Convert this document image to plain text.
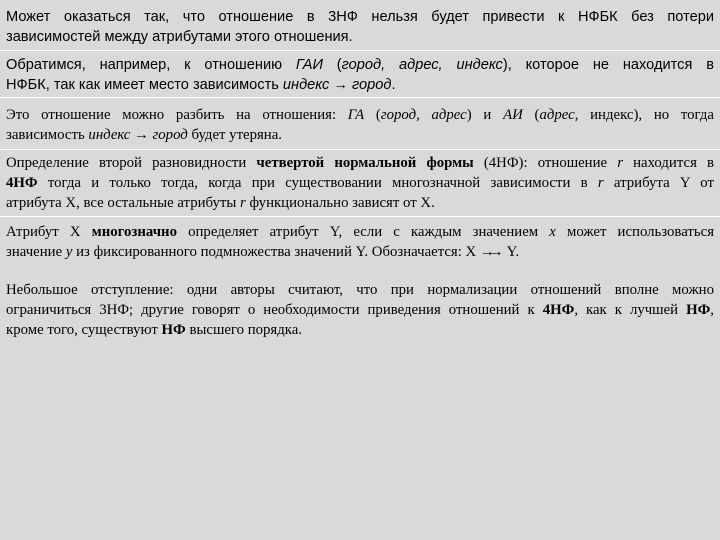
Может оказаться так, что отношение в 3НФ нельзя будет привести к НФБК без потери
зависимостей между атрибутами этого отношения.
Обратимся, например, к отношению ГАИ (город, адрес, индекс), которое не находится в
НФБК, так как имеет место зависимость индекс → город.
Это отношение можно разбить на отношения: ГА (город, адрес) и АИ (адрес, индекс), но тогда
зависимость индекс → город будет утеряна.
Определение второй разновидности четвертой нормальной формы (4НФ): отношение r находится в
4НФ тогда и только тогда, когда при существовании многозначной зависимости в r атрибута Y от
атрибута X, все остальные атрибуты r функционально зависят от X.
Атрибут X многозначно определяет атрибут Y, если с каждым значением x может использоваться
значение y из фиксированного подмножества значений Y. Обозначается: X →→ Y.
Небольшое отступление: одни авторы считают, что при нормализации отношений вполне можно
ограничиться 3НФ; другие говорят о необходимости приведения отношений к 4НФ, как к лучшей НФ,
кроме того, существуют НФ высшего порядка.
